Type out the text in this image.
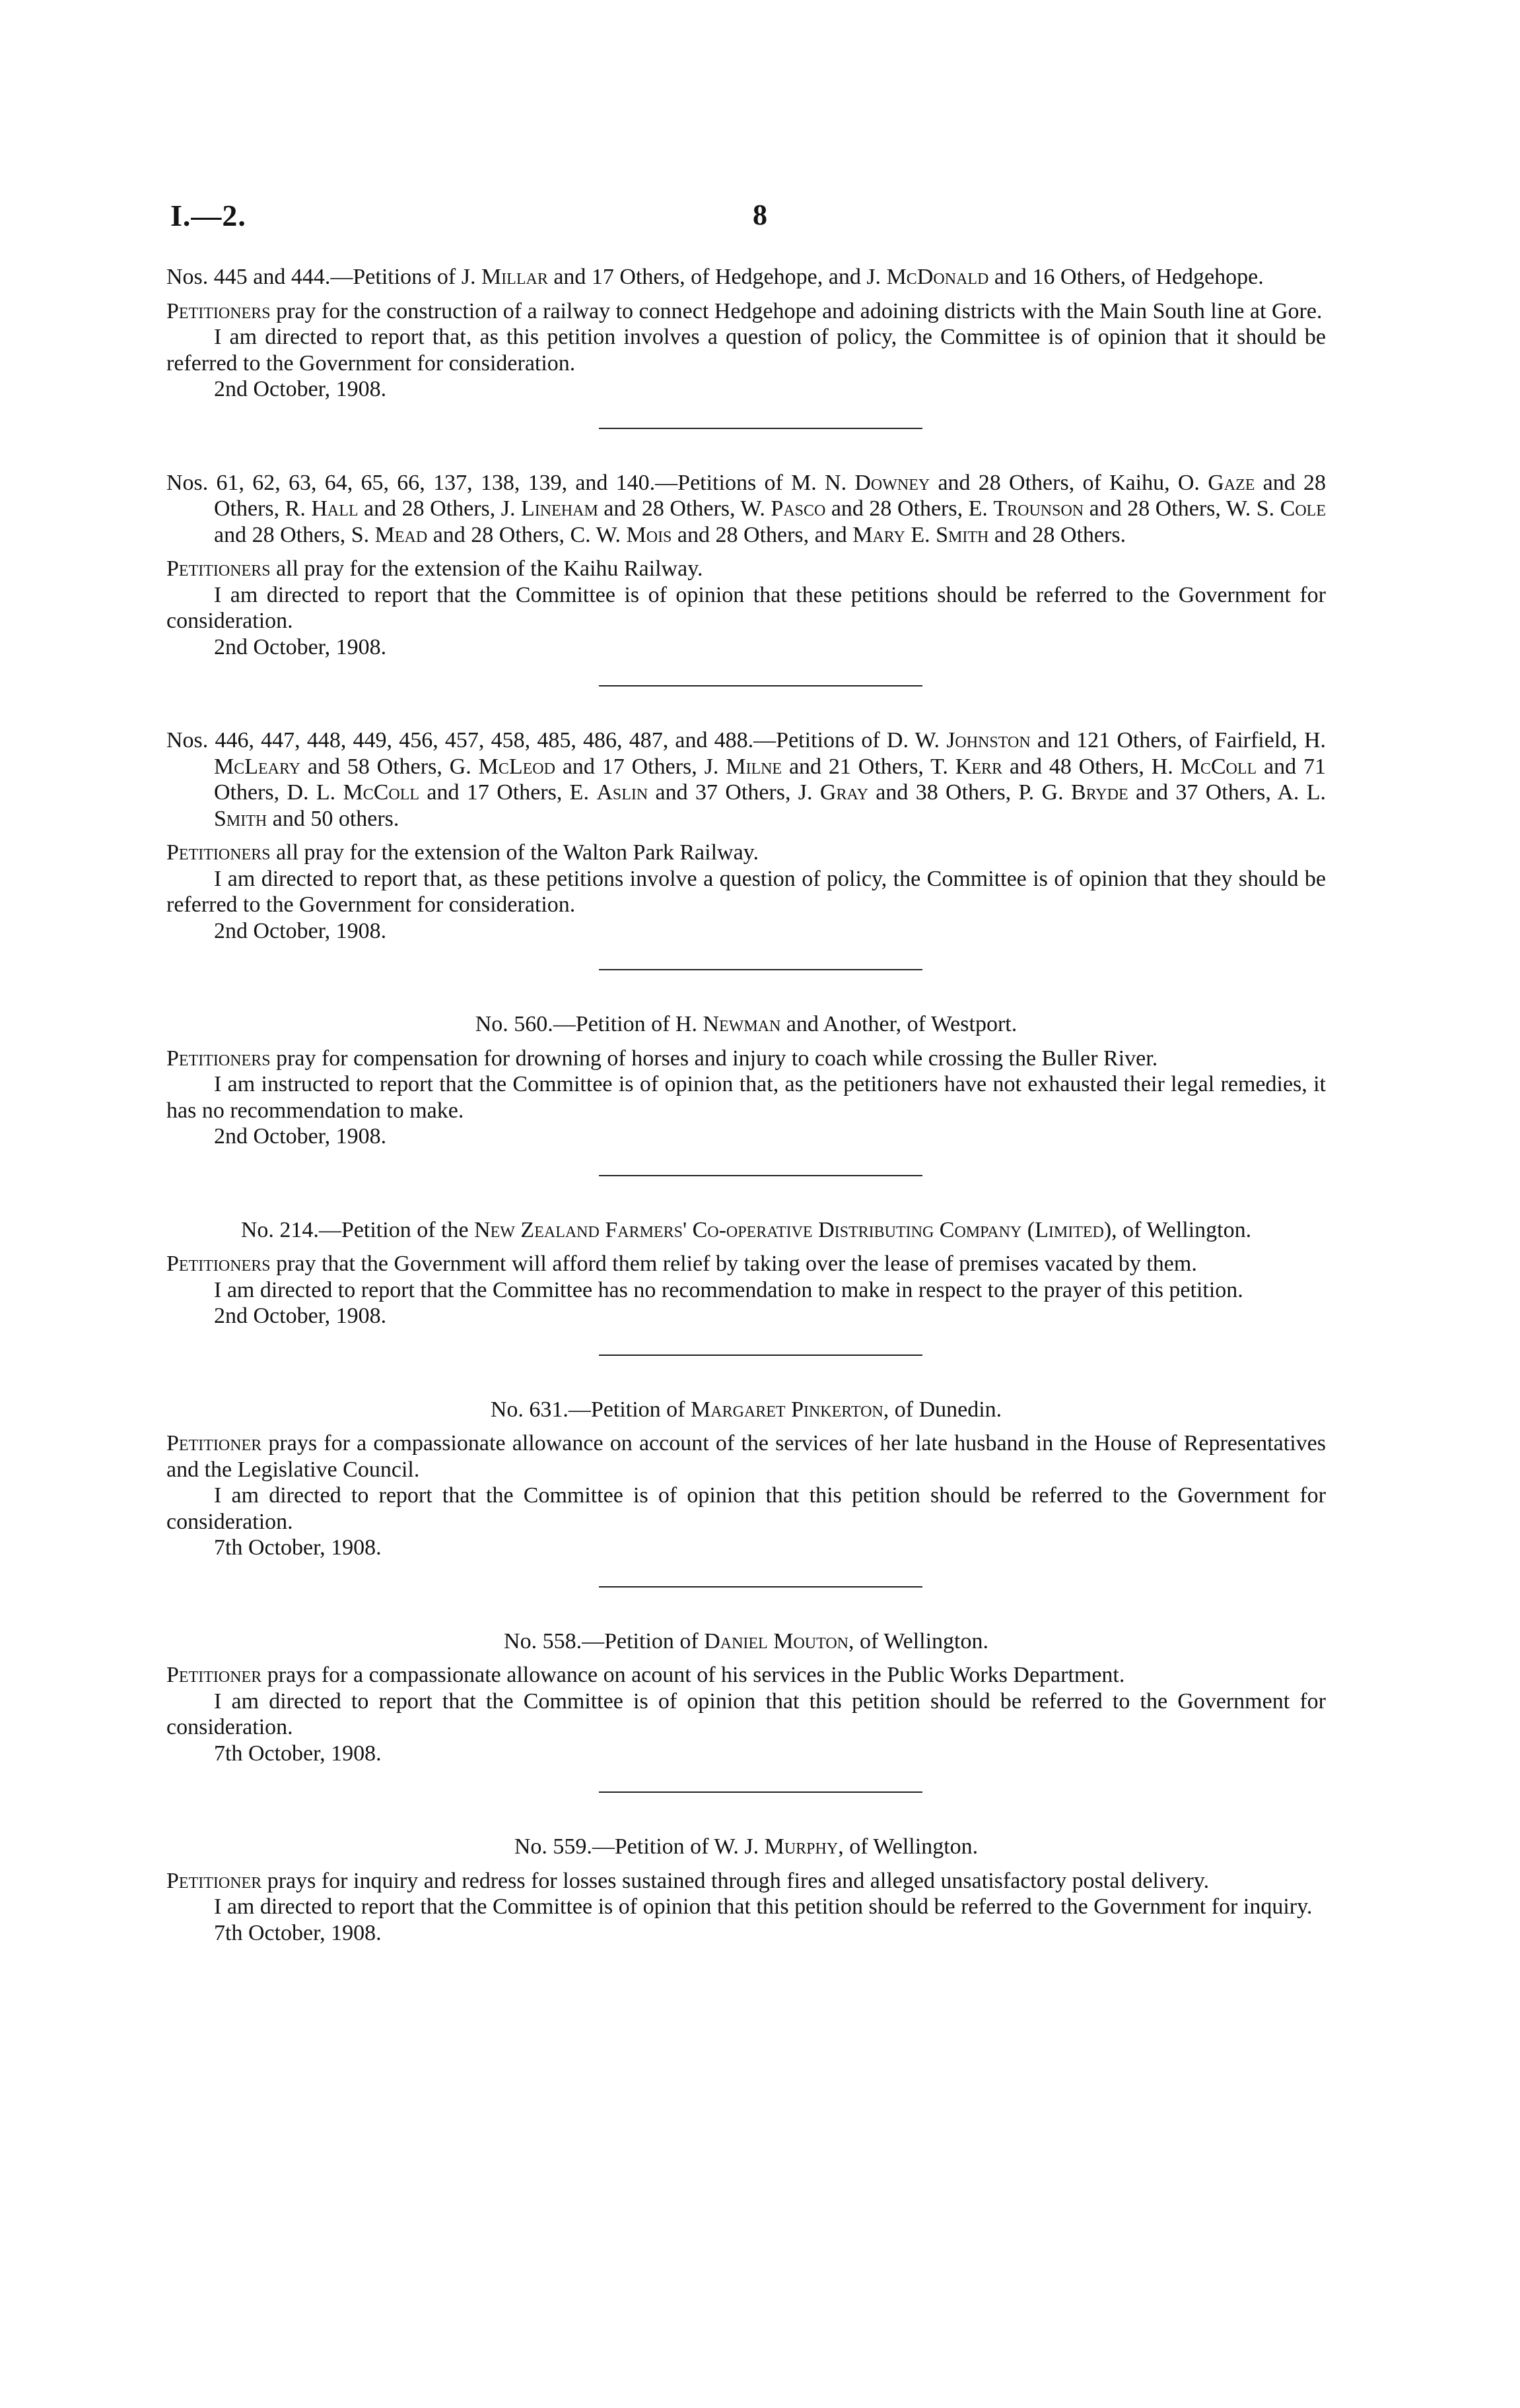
I.—2.	8
Nos. 445 and 444.—Petitions of J. Millar and 17 Others, of Hedgehope, and J. McDonald and 16 Others, of Hedgehope.
Petitioners pray for the construction of a railway to connect Hedgehope and adoining districts with the Main South line at Gore.
I am directed to report that, as this petition involves a question of policy, the Committee is of opinion that it should be referred to the Government for consideration.
2nd October, 1908.
Nos. 61, 62, 63, 64, 65, 66, 137, 138, 139, and 140.—Petitions of M. N. Downey and 28 Others, of Kaihu, O. Gaze and 28 Others, R. Hall and 28 Others, J. Lineham and 28 Others, W. Pasco and 28 Others, E. Trounson and 28 Others, W. S. Cole and 28 Others, S. Mead and 28 Others, C. W. Mois and 28 Others, and Mary E. Smith and 28 Others.
Petitioners all pray for the extension of the Kaihu Railway.
I am directed to report that the Committee is of opinion that these petitions should be referred to the Government for consideration.
2nd October, 1908.
Nos. 446, 447, 448, 449, 456, 457, 458, 485, 486, 487, and 488.—Petitions of D. W. Johnston and 121 Others, of Fairfield, H. McLeary and 58 Others, G. McLeod and 17 Others, J. Milne and 21 Others, T. Kerr and 48 Others, H. McColl and 71 Others, D. L. McColl and 17 Others, E. Aslin and 37 Others, J. Gray and 38 Others, P. G. Bryde and 37 Others, A. L. Smith and 50 others.
Petitioners all pray for the extension of the Walton Park Railway.
I am directed to report that, as these petitions involve a question of policy, the Committee is of opinion that they should be referred to the Government for consideration.
2nd October, 1908.
No. 560.—Petition of H. Newman and Another, of Westport.
Petitioners pray for compensation for drowning of horses and injury to coach while crossing the Buller River.
I am instructed to report that the Committee is of opinion that, as the petitioners have not exhausted their legal remedies, it has no recommendation to make.
2nd October, 1908.
No. 214.—Petition of the New Zealand Farmers' Co-operative Distributing Company (Limited), of Wellington.
Petitioners pray that the Government will afford them relief by taking over the lease of premises vacated by them.
I am directed to report that the Committee has no recommendation to make in respect to the prayer of this petition.
2nd October, 1908.
No. 631.—Petition of Margaret Pinkerton, of Dunedin.
Petitioner prays for a compassionate allowance on account of the services of her late husband in the House of Representatives and the Legislative Council.
I am directed to report that the Committee is of opinion that this petition should be referred to the Government for consideration.
7th October, 1908.
No. 558.—Petition of Daniel Mouton, of Wellington.
Petitioner prays for a compassionate allowance on acount of his services in the Public Works Department.
I am directed to report that the Committee is of opinion that this petition should be referred to the Government for consideration.
7th October, 1908.
No. 559.—Petition of W. J. Murphy, of Wellington.
Petitioner prays for inquiry and redress for losses sustained through fires and alleged unsatisfactory postal delivery.
I am directed to report that the Committee is of opinion that this petition should be referred to the Government for inquiry.
7th October, 1908.
